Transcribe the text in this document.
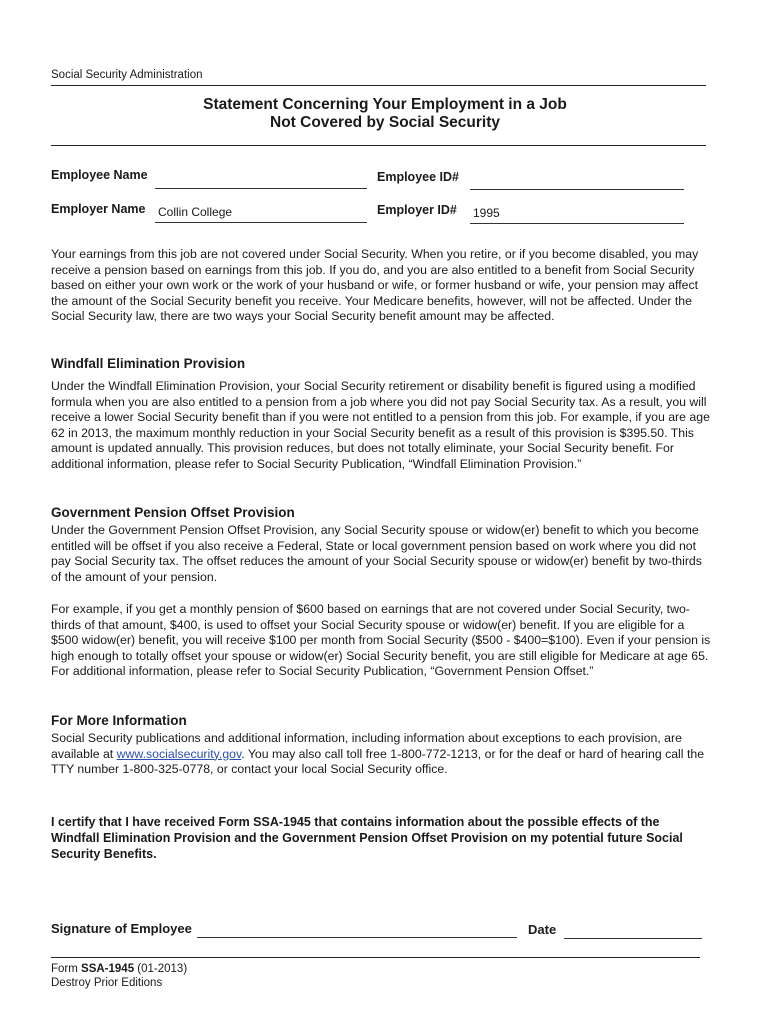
Social Security Administration
Statement Concerning Your Employment in a Job
Not Covered by Social Security
Employee Name	Employee ID#
Employer Name Collin College	Employer ID# 1995
Your earnings from this job are not covered under Social Security. When you retire, or if you become disabled, you may receive a pension based on earnings from this job. If you do, and you are also entitled to a benefit from Social Security based on either your own work or the work of your husband or wife, or former husband or wife, your pension may affect the amount of the Social Security benefit you receive. Your Medicare benefits, however, will not be affected. Under the Social Security law, there are two ways your Social Security benefit amount may be affected.
Windfall Elimination Provision
Under the Windfall Elimination Provision, your Social Security retirement or disability benefit is figured using a modified formula when you are also entitled to a pension from a job where you did not pay Social Security tax. As a result, you will receive a lower Social Security benefit than if you were not entitled to a pension from this job. For example, if you are age 62 in 2013, the maximum monthly reduction in your Social Security benefit as a result of this provision is $395.50. This amount is updated annually. This provision reduces, but does not totally eliminate, your Social Security benefit. For additional information, please refer to Social Security Publication, “Windfall Elimination Provision.”
Government Pension Offset Provision
Under the Government Pension Offset Provision, any Social Security spouse or widow(er) benefit to which you become entitled will be offset if you also receive a Federal, State or local government pension based on work where you did not pay Social Security tax. The offset reduces the amount of your Social Security spouse or widow(er) benefit by two-thirds of the amount of your pension.
For example, if you get a monthly pension of $600 based on earnings that are not covered under Social Security, two-thirds of that amount, $400, is used to offset your Social Security spouse or widow(er) benefit. If you are eligible for a $500 widow(er) benefit, you will receive $100 per month from Social Security ($500 - $400=$100). Even if your pension is high enough to totally offset your spouse or widow(er) Social Security benefit, you are still eligible for Medicare at age 65. For additional information, please refer to Social Security Publication, “Government Pension Offset.”
For More Information
Social Security publications and additional information, including information about exceptions to each provision, are available at www.socialsecurity.gov. You may also call toll free 1-800-772-1213, or for the deaf or hard of hearing call the TTY number 1-800-325-0778, or contact your local Social Security office.
I certify that I have received Form SSA-1945 that contains information about the possible effects of the Windfall Elimination Provision and the Government Pension Offset Provision on my potential future Social Security Benefits.
Signature of Employee	Date
Form SSA-1945 (01-2013)
Destroy Prior Editions
